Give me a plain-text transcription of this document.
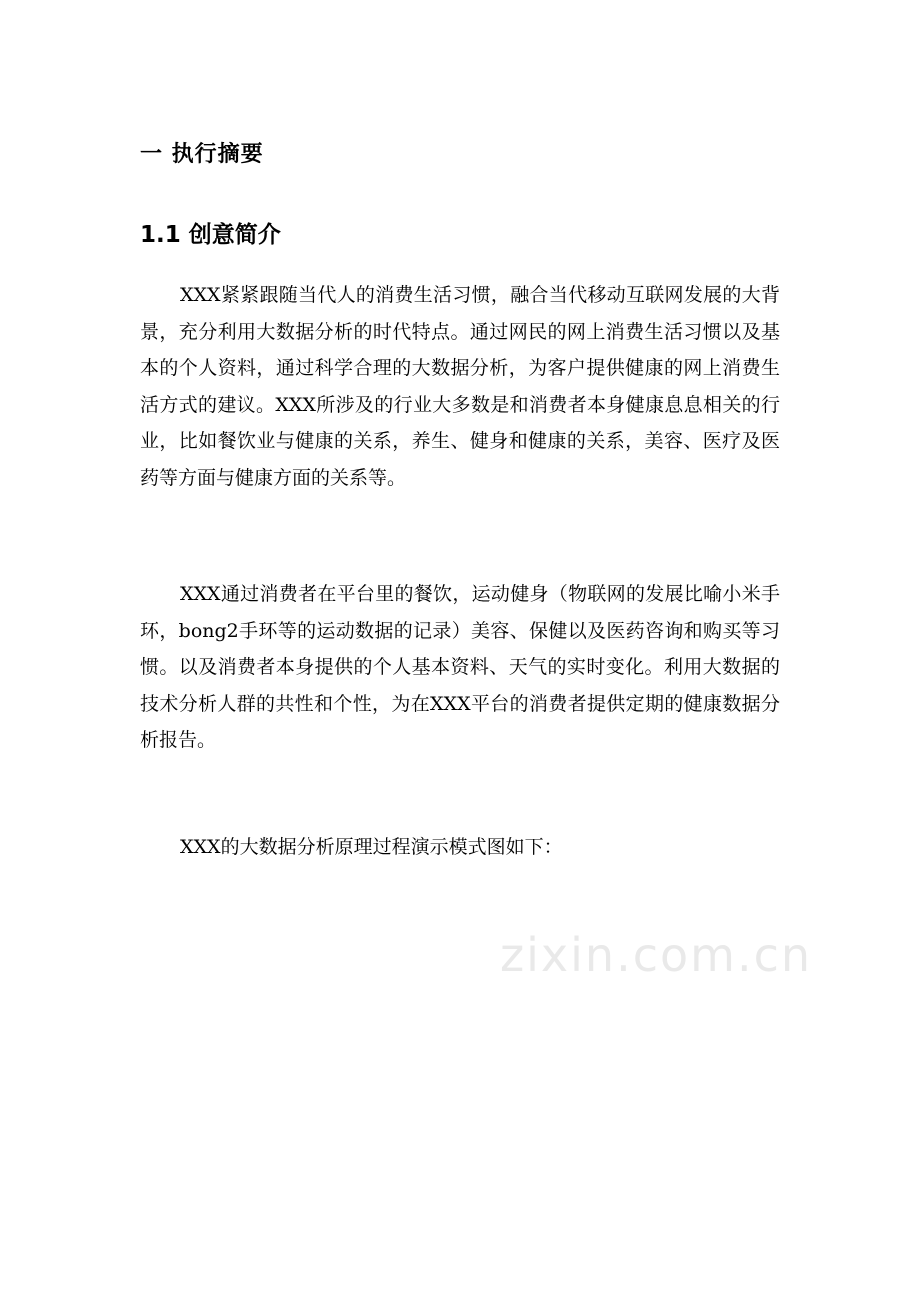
一 执行摘要
1.1 创意简介

XXX紧紧跟随当代人的消费生活习惯，融合当代移动互联网发展的大背景，充分利用大数据分析的时代特点。通过网民的网上消费生活习惯以及基本的个人资料，通过科学合理的大数据分析，为客户提供健康的网上消费生活方式的建议。XXX所涉及的行业大多数是和消费者本身健康息息相关的行业，比如餐饮业与健康的关系，养生、健身和健康的关系，美容、医疗及医药等方面与健康方面的关系等。

XXX通过消费者在平台里的餐饮，运动健身（物联网的发展比喻小米手环，bong2手环等的运动数据的记录）美容、保健以及医药咨询和购买等习惯。以及消费者本身提供的个人基本资料、天气的实时变化。利用大数据的技术分析人群的共性和个性，为在XXX平台的消费者提供定期的健康数据分析报告。

XXX的大数据分析原理过程演示模式图如下：

zixin.com.cn
